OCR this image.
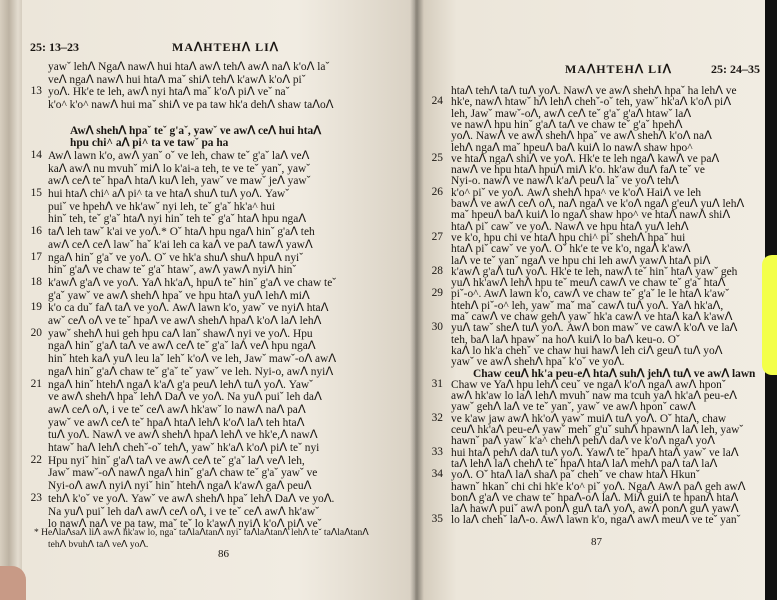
25: 13–23	MAᐱHTEHᐱ LIᐱ
yawˇ lehᐱ Ngaᐱ nawᐱ hui htaᐱ awᐱ tehᐱ awᐱ naᐱ k'oᐱ laˇ
veᐱ ngaᐱ nawᐱ hui htaᐱ maˇ shiᐱ tehᐱ k'awᐱ k'oᐱ piˇ
13 yoᐱ. Hk'e te leh, awᐱ nyi htaᐱ maˇ k'oᐱ piᐱ veˇ naˇ
k'o^ k'o^ nawᐱ hui maˇ shiᐱ ve pa taw hk'a dehᐱ shaw taᐱoᐱ
Awᐱ shehᐱ hpaˇ teˇ g'aˇ, yawˇ ve awᐱ ceᐱ hui htaᐱ
hpu chi^ aᐱ pi^ ta ve tawˇ pa ha
14 Awᐱ lawn k'o, awᐱ yanˇ oˇ ve leh, chaw teˇ g'aˇ laᐱ veᐱ
kaᐱ awᐱ nu mvuhˇ miᐱ lo k'ai-a teh, te ve teˇ yanˇ, yawˇ
awᐱ ceᐱ teˇ hpaᐱ htaᐱ kuᐱ leh, yawˇ ve mawˇ jeᐱ yawˇ
15 hui htaᐱ chi^ aᐱ pi^ ta ve htaᐱ shuᐱ tuᐱ yoᐱ. Yawˇ
puiˇ ve hpehᐱ ve hk'awˇ nyi leh, teˇ g'aˇ hk'a^ hui
hinˇ teh, teˇ g'aˇ htaᐱ nyi hinˇ teh teˇ g'aˇ htaᐱ hpu ngaᐱ
16 taᐱ leh tawˇ k'ai ve yoᐱ.* Oˇ htaᐱ hpu ngaᐱ hinˇ g'aᐱ teh
awᐱ ceᐱ ceᐱ lawˇ haˇ k'ai leh ca kaᐱ ve paᐱ tawᐱ yawᐱ
17 ngaᐱ hinˇ g'aˇ ve yoᐱ. Oˇ ve hk'a shuᐱ shuᐱ hpuᐱ nyiˇ
hinˇ g'aᐱ ve chaw teˇ g'aˇ htawˇ, awᐱ yawᐱ nyiᐱ hinˇ
18 k'awᐱ g'aᐱ ve yoᐱ. Yaᐱ hk'aᐱ, hpuᐱ teˇ hinˇ g'aᐱ ve chaw teˇ
g'aˇ yawˇ ve awᐱ shehᐱ hpaˇ ve hpu htaᐱ yuᐱ lehᐱ miᐱ
19 k'o ca duˇ faᐱ taᐱ ve yoᐱ. Awᐱ lawn k'o, yawˇ ve nyiᐱ htaᐱ
awˇ ceᐱ oᐱ ve teˇ hpaᐱ ve awᐱ shehᐱ hpaᐱ k'oᐱ laᐱ lehᐱ
20 yawˇ shehᐱ hui geh hpu caᐱ lanˇ shawᐱ nyi ve yoᐱ. Hpu
ngaᐱ hinˇ g'aᐱ taᐱ ve awᐱ ceᐱ teˇ g'aˇ laᐱ veᐱ hpu ngaᐱ
hinˇ hteh kaᐱ yuᐱ leu laˇ lehˇ k'oᐱ ve leh, Jawˇ mawˇ-oᐱ awᐱ
ngaᐱ hinˇ g'aᐱ chaw teˇ g'aˇ teˇ yawˇ ve leh. Nyi-o, awᐱ nyiᐱ
21 ngaᐱ hinˇ htehᐱ ngaᐱ k'aᐱ g'a peuᐱ lehᐱ tuᐱ yoᐱ. Yawˇ
ve awᐱ shehᐱ hpaˇ lehᐱ Daᐱ ve yoᐱ. Na yuᐱ puiˇ leh daᐱ
awᐱ ceᐱ oᐱ, i ve teˇ ceᐱ awᐱ hk'awˇ lo nawᐱ naᐱ paᐱ
yawˇ ve awᐱ ceᐱ teˇ hpaᐱ htaᐱ lehᐱ k'oᐱ laᐱ teh htaᐱ
tuᐱ yoᐱ. Nawᐱ ve awᐱ shehᐱ hpaᐱ lehᐱ ve hk'e,ᐱ nawᐱ
htawˇ haᐱ lehᐱ chehˇ-oˇ tehᐱ, yawˇ hk'aᐱ k'oᐱ piᐱ teˇ nyi
22 Hpu nyiˇ hinˇ g'aᐱ taᐱ ve awᐱ ceᐱ teˇ g'aˇ laᐱ veᐱ leh,
Jawˇ mawˇ-oᐱ nawᐱ ngaᐱ hinˇ g'aᐱ chaw teˇ g'aˇ yawˇ ve
Nyi-oᐱ awᐱ nyiᐱ nyiˇ hinˇ htehᐱ ngaᐱ k'awᐱ gaᐱ peuᐱ
23 tehᐱ k'oˇ ve yoᐱ. Yawˇ ve awᐱ shehᐱ hpaˇ lehᐱ Daᐱ ve yoᐱ.
Na yuᐱ puiˇ leh daᐱ awᐱ ceᐱ oᐱ, i ve teˇ ceᐱ awᐱ hk'awˇ
lo nawᐱ naᐱ ve pa taw, maˇ teˇ lo k'awᐱ nyiᐱ k'oᐱ piᐱ veˇ
* Heᐱlaᐱsaᐱ liᐱ awᐱ hk'aw lo, ngaˇ taᐱlaᐱtanᐱ nyiˇ taᐱlaᐱtanᐱ lehᐱ teˇ taᐱlaᐱtanᐱ
tehᐱ bvuhᐱ taᐱ veᐱ yoᐱ.
86
MAᐱHTEHᐱ LIᐱ	25: 24–35
htaᐱ tehᐱ taᐱ tuᐱ yoᐱ. Nawᐱ ve awᐱ shehᐱ hpaˇ ha lehᐱ ve
24 hk'e, nawᐱ htawˇ hᐱ lehᐱ chehˇ-oˇ teh, yawˇ hk'aᐱ k'oᐱ piᐱ
leh, Jawˇ mawˇ-oᐱ, awᐱ ceᐱ teˇ g'aˇ g'aᐱ htawˇ laᐱ
ve nawᐱ hpu hinˇ g'aᐱ taᐱ ve chaw teˇ g'aˇ hpehᐱ
yoᐱ. Nawᐱ ve awᐱ shehᐱ hpaˇ ve awᐱ shehᐱ k'oᐱ naᐱ
lehᐱ ngaᐱ maˇ hpeuᐱ baᐱ kuiᐱ lo nawᐱ shaw hpo^
25 ve htaᐱ ngaᐱ shiᐱ ve yoᐱ. Hk'e te leh ngaᐱ kawᐱ ve paᐱ
nawᐱ ve hpu htaᐱ hpuᐱ miᐱ k'o. hk'aw duᐱ faᐱ teˇ ve
Nyi-o. nawᐱ ve nawᐱ k'aᐱ peuᐱ laˇ ve yoᐱ tehᐱ
26 k'o^ piˇ ve yoᐱ. Awᐱ shehᐱ hpa^ ve k'oᐱ Haiᐱ ve leh
bawᐱ ve awᐱ ceᐱ oᐱ, naᐱ ngaᐱ ve k'oᐱ ngaᐱ g'euᐱ yuᐱ lehᐱ
maˇ hpeuᐱ baᐱ kuiᐱ lo ngaᐱ shaw hpo^ ve htaᐱ nawᐱ shiᐱ
htaᐱ piˇ cawˇ ve yoᐱ. Nawᐱ ve hpu htaᐱ yuᐱ lehᐱ
27 ve k'o, hpu chi ve htaᐱ hpu chi^ piˇ shehᐱ hpaˇ hui
htaᐱ piˇ cawˇ ve yoᐱ. Oˇ hk'e te ve k'o, ngaᐱ k'awᐱ
laᐱ ve teˇ yanˇ ngaᐱ ve hpu chi leh awᐱ yawᐱ htaᐱ piᐱ
28 k'awᐱ g'aᐱ tuᐱ yoᐱ. Hk'e te leh, nawᐱ teˇ hinˇ htaᐱ yawˇ geh
yuᐱ hk'awᐱ lehᐱ hpu teˇ meuᐱ cawᐱ ve chaw teˇ g'aˇ htaᐱ
29 piˇ-o^. Awᐱ lawn k'o, cawᐱ ve chaw teˇ g'aˇ le le htaᐱ k'awˇ
htehᐱ piˇ-o^ leh, yawˇ maˇ maˇ cawᐱ tuᐱ yoᐱ. Yaᐱ hk'aᐱ,
maˇ cawᐱ ve chaw gehᐱ yawˇ hk'a cawᐱ ve htaᐱ kaᐱ k'awᐱ
30 yuᐱ tawˇ sheᐱ tuᐱ yoᐱ. Awᐱ bon mawˇ ve cawᐱ k'oᐱ ve laᐱ
teh, baᐱ laᐱ hpawˇ na hoᐱ kuiᐱ lo baᐱ keu-o. Oˇ
kaᐱ lo hk'a chehˇ ve chaw hui hawᐱ leh ciᐱ geuᐱ tuᐱ yoᐱ
yawˇ ve awᐱ shehᐱ hpaˇ k'oˇ ve yoᐱ.
Chaw ceuᐱ hk'a peu-eᐱ htaᐱ suhᐱ jehᐱ tuᐱ ve awᐱ lawn
31 Chaw ve Yaᐱ hpu lehᐱ ceuˇ ve ngaᐱ k'oᐱ ngaᐱ awᐱ hponˇ
awᐱ hk'aw lo laᐱ lehᐱ mvuhˇ naw ma tcuh yaᐱ hk'aᐱ peu-eᐱ
yawˇ gehᐱ laᐱ ve teˇ yanˇ, yawˇ ve awᐱ hponˇ cawᐱ
32 ve k'aw jaw awᐱ hk'oᐱ yawˇ muiᐱ tuᐱ yoᐱ. Oˇ htaᐱ, chaw
ceuᐱ hk'aᐱ peu-eᐱ yawˇ mehˇ g'uˇ suhᐱ hpawnᐱ laᐱ leh, yawˇ
hawnˇ paᐱ yawˇ k'a^ chehᐱ pehᐱ daᐱ ve k'oᐱ ngaᐱ yoᐱ
33 hui htaᐱ pehᐱ daᐱ tuᐱ yoᐱ. Yawᐱ teˇ hpaᐱ htaᐱ yawˇ ve laᐱ
taᐱ lehᐱ laᐱ chehᐱ teˇ hpaᐱ htaᐱ laᐱ mehᐱ paᐱ taᐱ laᐱ
34 yoᐱ. Oˇ htaᐱ laᐱ shaᐱ paˇ chehˇ ve chaw htaᐱ Hkunˇ
hawnˇ hkanˇ chi chi hk'e k'o^ piˇ yoᐱ. Ngaᐱ Awᐱ paᐱ geh awᐱ
bonᐱ g'aᐱ ve chaw teˇ hpaᐱ-oᐱ laᐱ. Miᐱ guiᐱ te hpanᐱ htaᐱ
laᐱ hawᐱ puiˇ awᐱ ponᐱ guᐱ taᐱ yoᐱ, awᐱ ponᐱ guᐱ yawᐱ
35 lo laᐱ chehˇ laᐱ-o. Awᐱ lawn k'o, ngaᐱ awᐱ meuᐱ ve teˇ yanˇ
87
